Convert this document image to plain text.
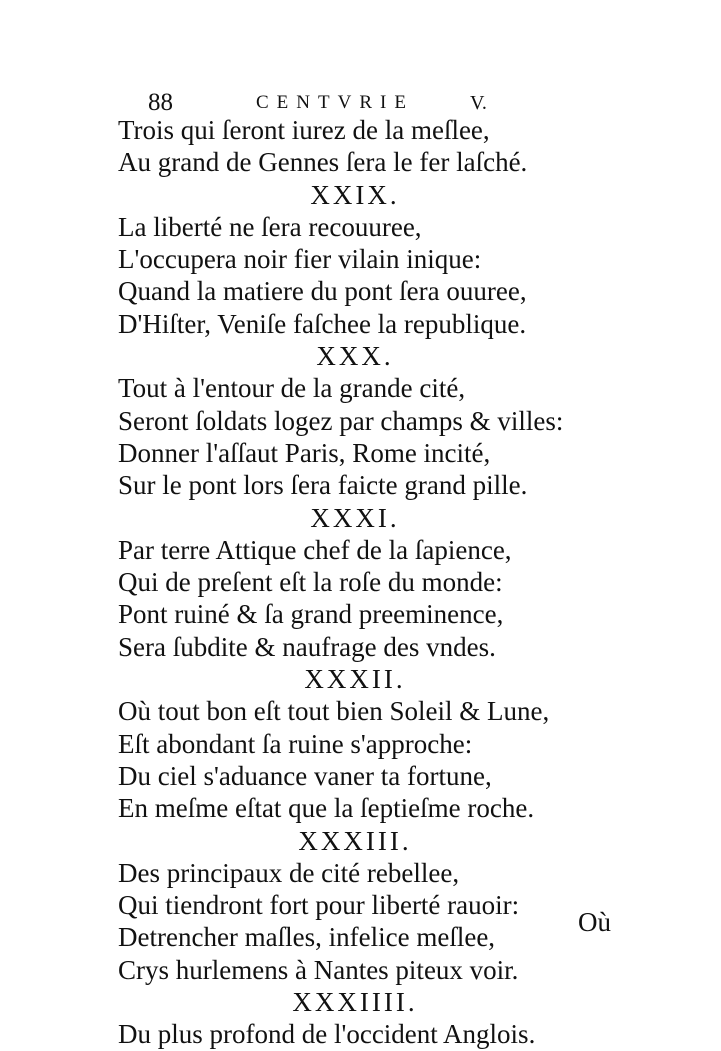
88	CENTVRIE	V.
Trois qui ſeront iurez de la meſlee,
Au grand de Gennes ſera le fer laſché.
XXIX.
La liberté ne ſera recouuree,
L'occupera noir fier vilain inique:
Quand la matiere du pont ſera ouuree,
D'Hiſter, Veniſe faſchee la republique.
XXX.
Tout à l'entour de la grande cité,
Seront ſoldats logez par champs & villes:
Donner l'aſſaut Paris, Rome incité,
Sur le pont lors ſera faicte grand pille.
XXXI.
Par terre Attique chef de la ſapience,
Qui de preſent eſt la roſe du monde:
Pont ruiné & ſa grand preeminence,
Sera ſubdite & naufrage des vndes.
XXXII.
Où tout bon eſt tout bien Soleil & Lune,
Eſt abondant ſa ruine s'approche:
Du ciel s'aduance vaner ta fortune,
En meſme eſtat que la ſeptieſme roche.
XXXIII.
Des principaux de cité rebellee,
Qui tiendront fort pour liberté rauoir:
Detrencher maſles, infelice meſlee,
Crys hurlemens à Nantes piteux voir.
XXXIIII.
Du plus profond de l'occident Anglois.
Où
